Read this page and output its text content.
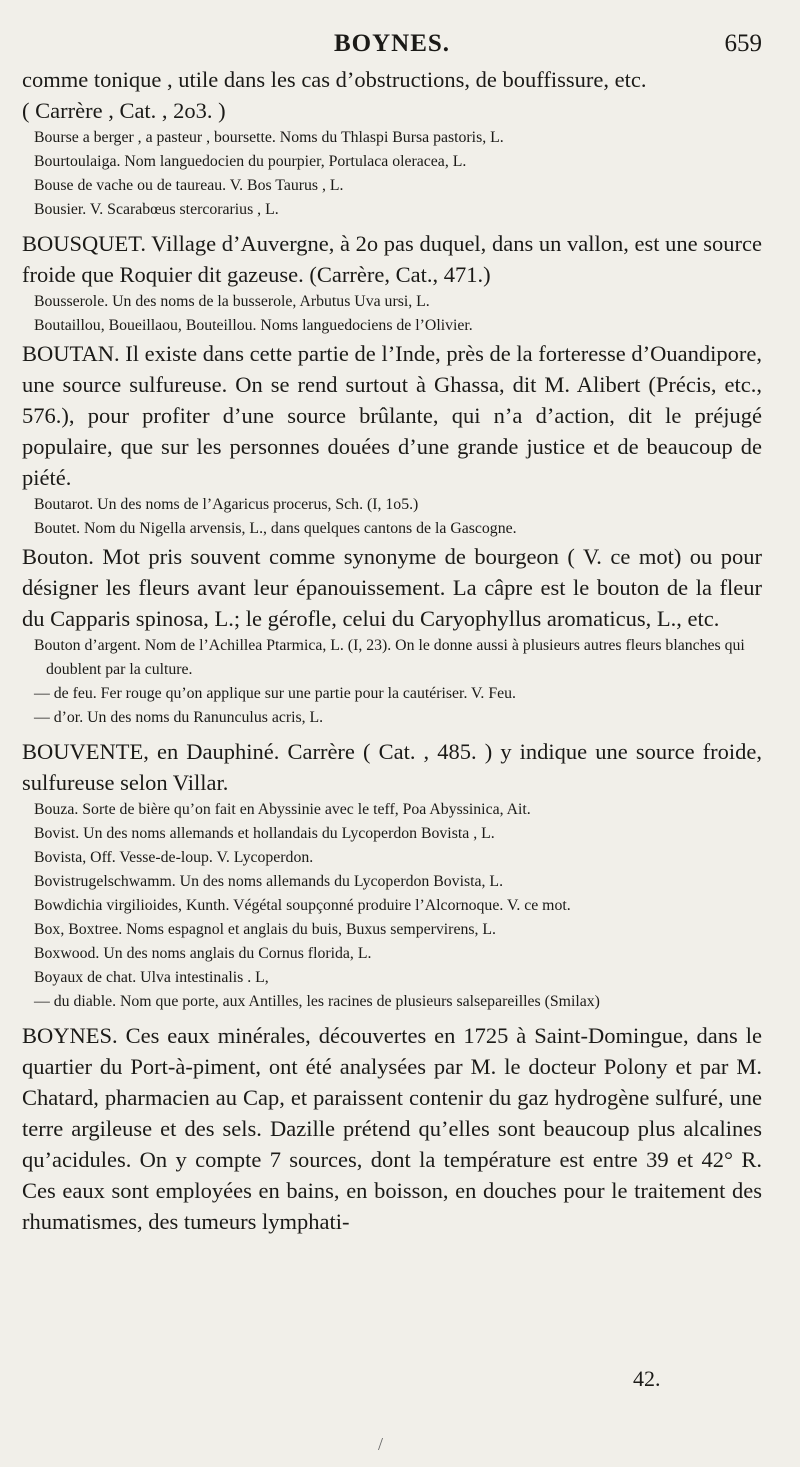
BOYNES.	659

comme tonique , utile dans les cas d’obstructions, de bouffissure, etc.

( Carrère , Cat. , 2o3. )

Bourse a berger , a pasteur , boursette. Noms du Thlaspi Bursa pastoris, L.

Bourtoulaiga. Nom languedocien du pourpier, Portulaca oleracea, L.

Bouse de vache ou de taureau. V. Bos Taurus , L.

Bousier. V. Scarabœus stercorarius , L.

BOUSQUET. Village d’Auvergne, à 2o pas duquel, dans un vallon, est une source froide que Roquier dit gazeuse. (Carrère, Cat., 471.)

Bousserole. Un des noms de la busserole, Arbutus Uva ursi, L.

Boutaillou, Boueillaou, Bouteillou. Noms languedociens de l’Olivier.

BOUTAN. Il existe dans cette partie de l’Inde, près de la forteresse d’Ouandipore, une source sulfureuse. On se rend surtout à Ghassa, dit M. Alibert (Précis, etc., 576.), pour profiter d’une source brûlante, qui n’a d’action, dit le préjugé populaire, que sur les personnes douées d’une grande justice et de beaucoup de piété.

Boutarot. Un des noms de l’Agaricus procerus, Sch. (I, 1o5.)

Boutet. Nom du Nigella arvensis, L., dans quelques cantons de la Gascogne.

Bouton. Mot pris souvent comme synonyme de bourgeon ( V. ce mot) ou pour désigner les fleurs avant leur épanouissement. La câpre est le bouton de la fleur du Capparis spinosa, L.; le gérofle, celui du Caryophyllus aromaticus, L., etc.

Bouton d’argent. Nom de l’Achillea Ptarmica, L. (I, 23). On le donne aussi à plusieurs autres fleurs blanches qui doublent par la culture.

— de feu. Fer rouge qu’on applique sur une partie pour la cautériser. V. Feu.

— d’or. Un des noms du Ranunculus acris, L.

BOUVENTE, en Dauphiné. Carrère ( Cat. , 485. ) y indique une source froide, sulfureuse selon Villar.

Bouza. Sorte de bière qu’on fait en Abyssinie avec le teff, Poa Abyssinica, Ait.

Bovist. Un des noms allemands et hollandais du Lycoperdon Bovista , L.

Bovista, Off. Vesse-de-loup. V. Lycoperdon.

Bovistrugelschwamm. Un des noms allemands du Lycoperdon Bovista, L.

Bowdichia virgilioides, Kunth. Végétal soupçonné produire l’Alcornoque. V. ce mot.

Box, Boxtree. Noms espagnol et anglais du buis, Buxus sempervirens, L.

Boxwood. Un des noms anglais du Cornus florida, L.

Boyaux de chat. Ulva intestinalis . L,

— du diable. Nom que porte, aux Antilles, les racines de plusieurs salsepareilles (Smilax)

BOYNES. Ces eaux minérales, découvertes en 1725 à Saint-Domingue, dans le quartier du Port-à-piment, ont été analysées par M. le docteur Polony et par M. Chatard, pharmacien au Cap, et paraissent contenir du gaz hydrogène sulfuré, une terre argileuse et des sels. Dazille prétend qu’elles sont beaucoup plus alcalines qu’acidules. On y compte 7 sources, dont la température est entre 39 et 42° R. Ces eaux sont employées en bains, en boisson, en douches pour le traitement des rhumatismes, des tumeurs lymphati-

42.
/
